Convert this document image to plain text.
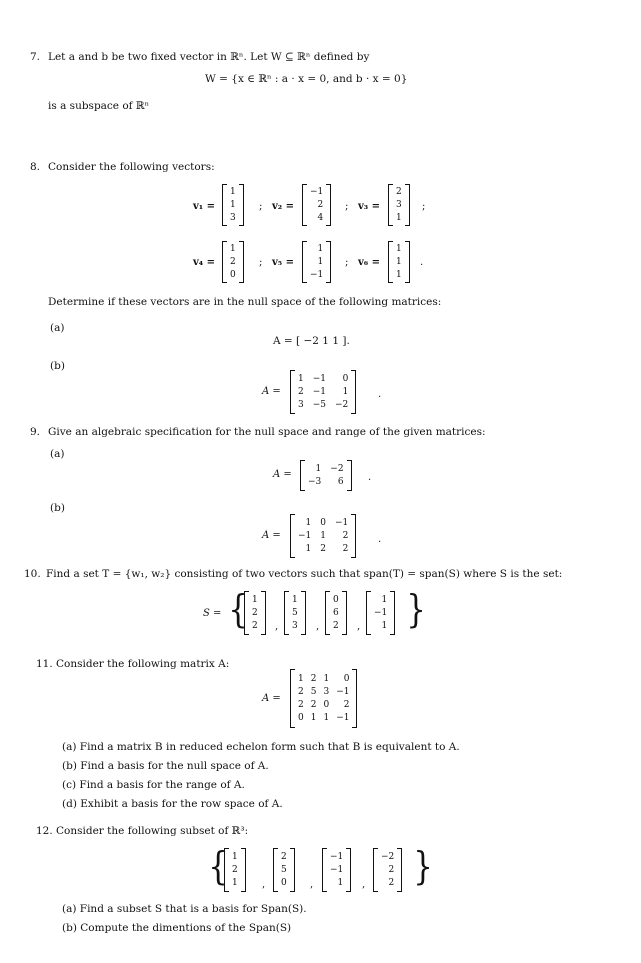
7. Let a and b be two fixed vector in ℝⁿ. Let W ⊆ ℝⁿ defined by
W = {x ∈ ℝⁿ : a · x = 0, and b · x = 0}
is a subspace of ℝⁿ
8. Consider the following vectors:
v₁ =
1
1
3
; v₂ =
−1
2
4
; v₃ =
2
3
1
;
v₄ =
1
2
0
; v₅ =
1
1
−1
; v₆ =
1
1
1
.
Determine if these vectors are in the null space of the following matrices:
(a)
A = [ −2 1 1 ].
(b)
A =
1 −1	0
2 −1	1
3 −5 −2
.
9. Give an algebraic specification for the null space and range of the given matrices:
(a)
A =
1 −2
−3	6 .
(b)
A =
1 0 −1
−1 1	2
1 2	2
.
10. Find a set T = {w₁, w₂} consisting of two vectors such that span(T) = span(S) where S is the set:
S = { 1
2
2 ,
1
5
3 ,
0
6
2 ,
1
−1
1 }
11. Consider the following matrix A:
A =
1 2 1	0
2 5 3 −1
2 2 0	2
0 1 1 −1
(a) Find a matrix B in reduced echelon form such that B is equivalent to A.
(b) Find a basis for the null space of A.
(c) Find a basis for the range of A.
(d) Exhibit a basis for the row space of A.
12. Consider the following subset of ℝ³:
{ 1
2
1 ,
2
5
0 ,
−1
−1
1 ,
−2
2
2 }
(a) Find a subset S that is a basis for Span(S).
(b) Compute the dimentions of the Span(S)
